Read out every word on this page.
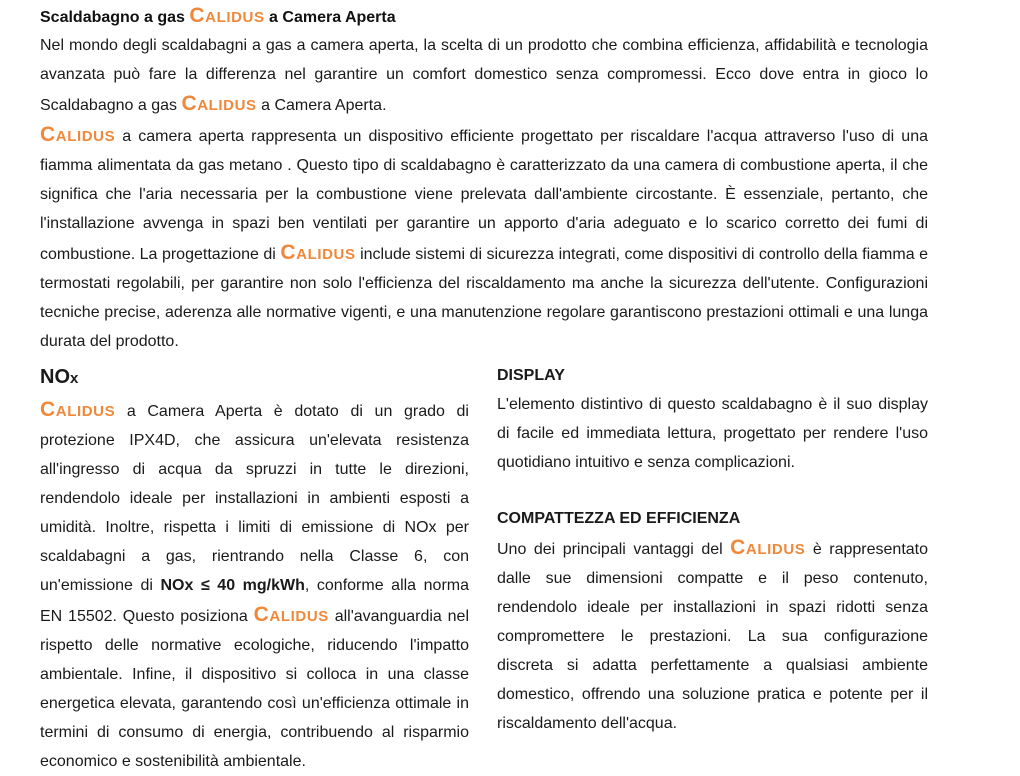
Scaldabagno a gas Calidus a Camera Aperta

Nel mondo degli scaldabagni a gas a camera aperta, la scelta di un prodotto che combina efficienza, affidabilità e tecnologia avanzata può fare la differenza nel garantire un comfort domestico senza compromessi. Ecco dove entra in gioco lo Scaldabagno a gas Calidus a Camera Aperta.

Calidus a camera aperta rappresenta un dispositivo efficiente progettato per riscaldare l'acqua attraverso l'uso di una fiamma alimentata da gas metano . Questo tipo di scaldabagno è caratterizzato da una camera di combustione aperta, il che significa che l'aria necessaria per la combustione viene prelevata dall'ambiente circostante. È essenziale, pertanto, che l'installazione avvenga in spazi ben ventilati per garantire un apporto d'aria adeguato e lo scarico corretto dei fumi di combustione. La progettazione di Calidus include sistemi di sicurezza integrati, come dispositivi di controllo della fiamma e termostati regolabili, per garantire non solo l'efficienza del riscaldamento ma anche la sicurezza dell'utente. Configurazioni tecniche precise, aderenza alle normative vigenti, e una manutenzione regolare garantiscono prestazioni ottimali e una lunga durata del prodotto.

NOx

Calidus a Camera Aperta è dotato di un grado di protezione IPX4D, che assicura un'elevata resistenza all'ingresso di acqua da spruzzi in tutte le direzioni, rendendolo ideale per installazioni in ambienti esposti a umidità. Inoltre, rispetta i limiti di emissione di NOx per scaldabagni a gas, rientrando nella Classe 6, con un'emissione di NOx ≤ 40 mg/kWh, conforme alla norma EN 15502. Questo posiziona Calidus all'avanguardia nel rispetto delle normative ecologiche, riducendo l'impatto ambientale. Infine, il dispositivo si colloca in una classe energetica elevata, garantendo così un'efficienza ottimale in termini di consumo di energia, contribuendo al risparmio economico e sostenibilità ambientale.

DISPLAY

L'elemento distintivo di questo scaldabagno è il suo display di facile ed immediata lettura, progettato per rendere l'uso quotidiano intuitivo e senza complicazioni.

COMPATTEZZA ED EFFICIENZA

Uno dei principali vantaggi del Calidus è rappresentato dalle sue dimensioni compatte e il peso contenuto, rendendolo ideale per installazioni in spazi ridotti senza compromettere le prestazioni. La sua configurazione discreta si adatta perfettamente a qualsiasi ambiente domestico, offrendo una soluzione pratica e potente per il riscaldamento dell'acqua.
